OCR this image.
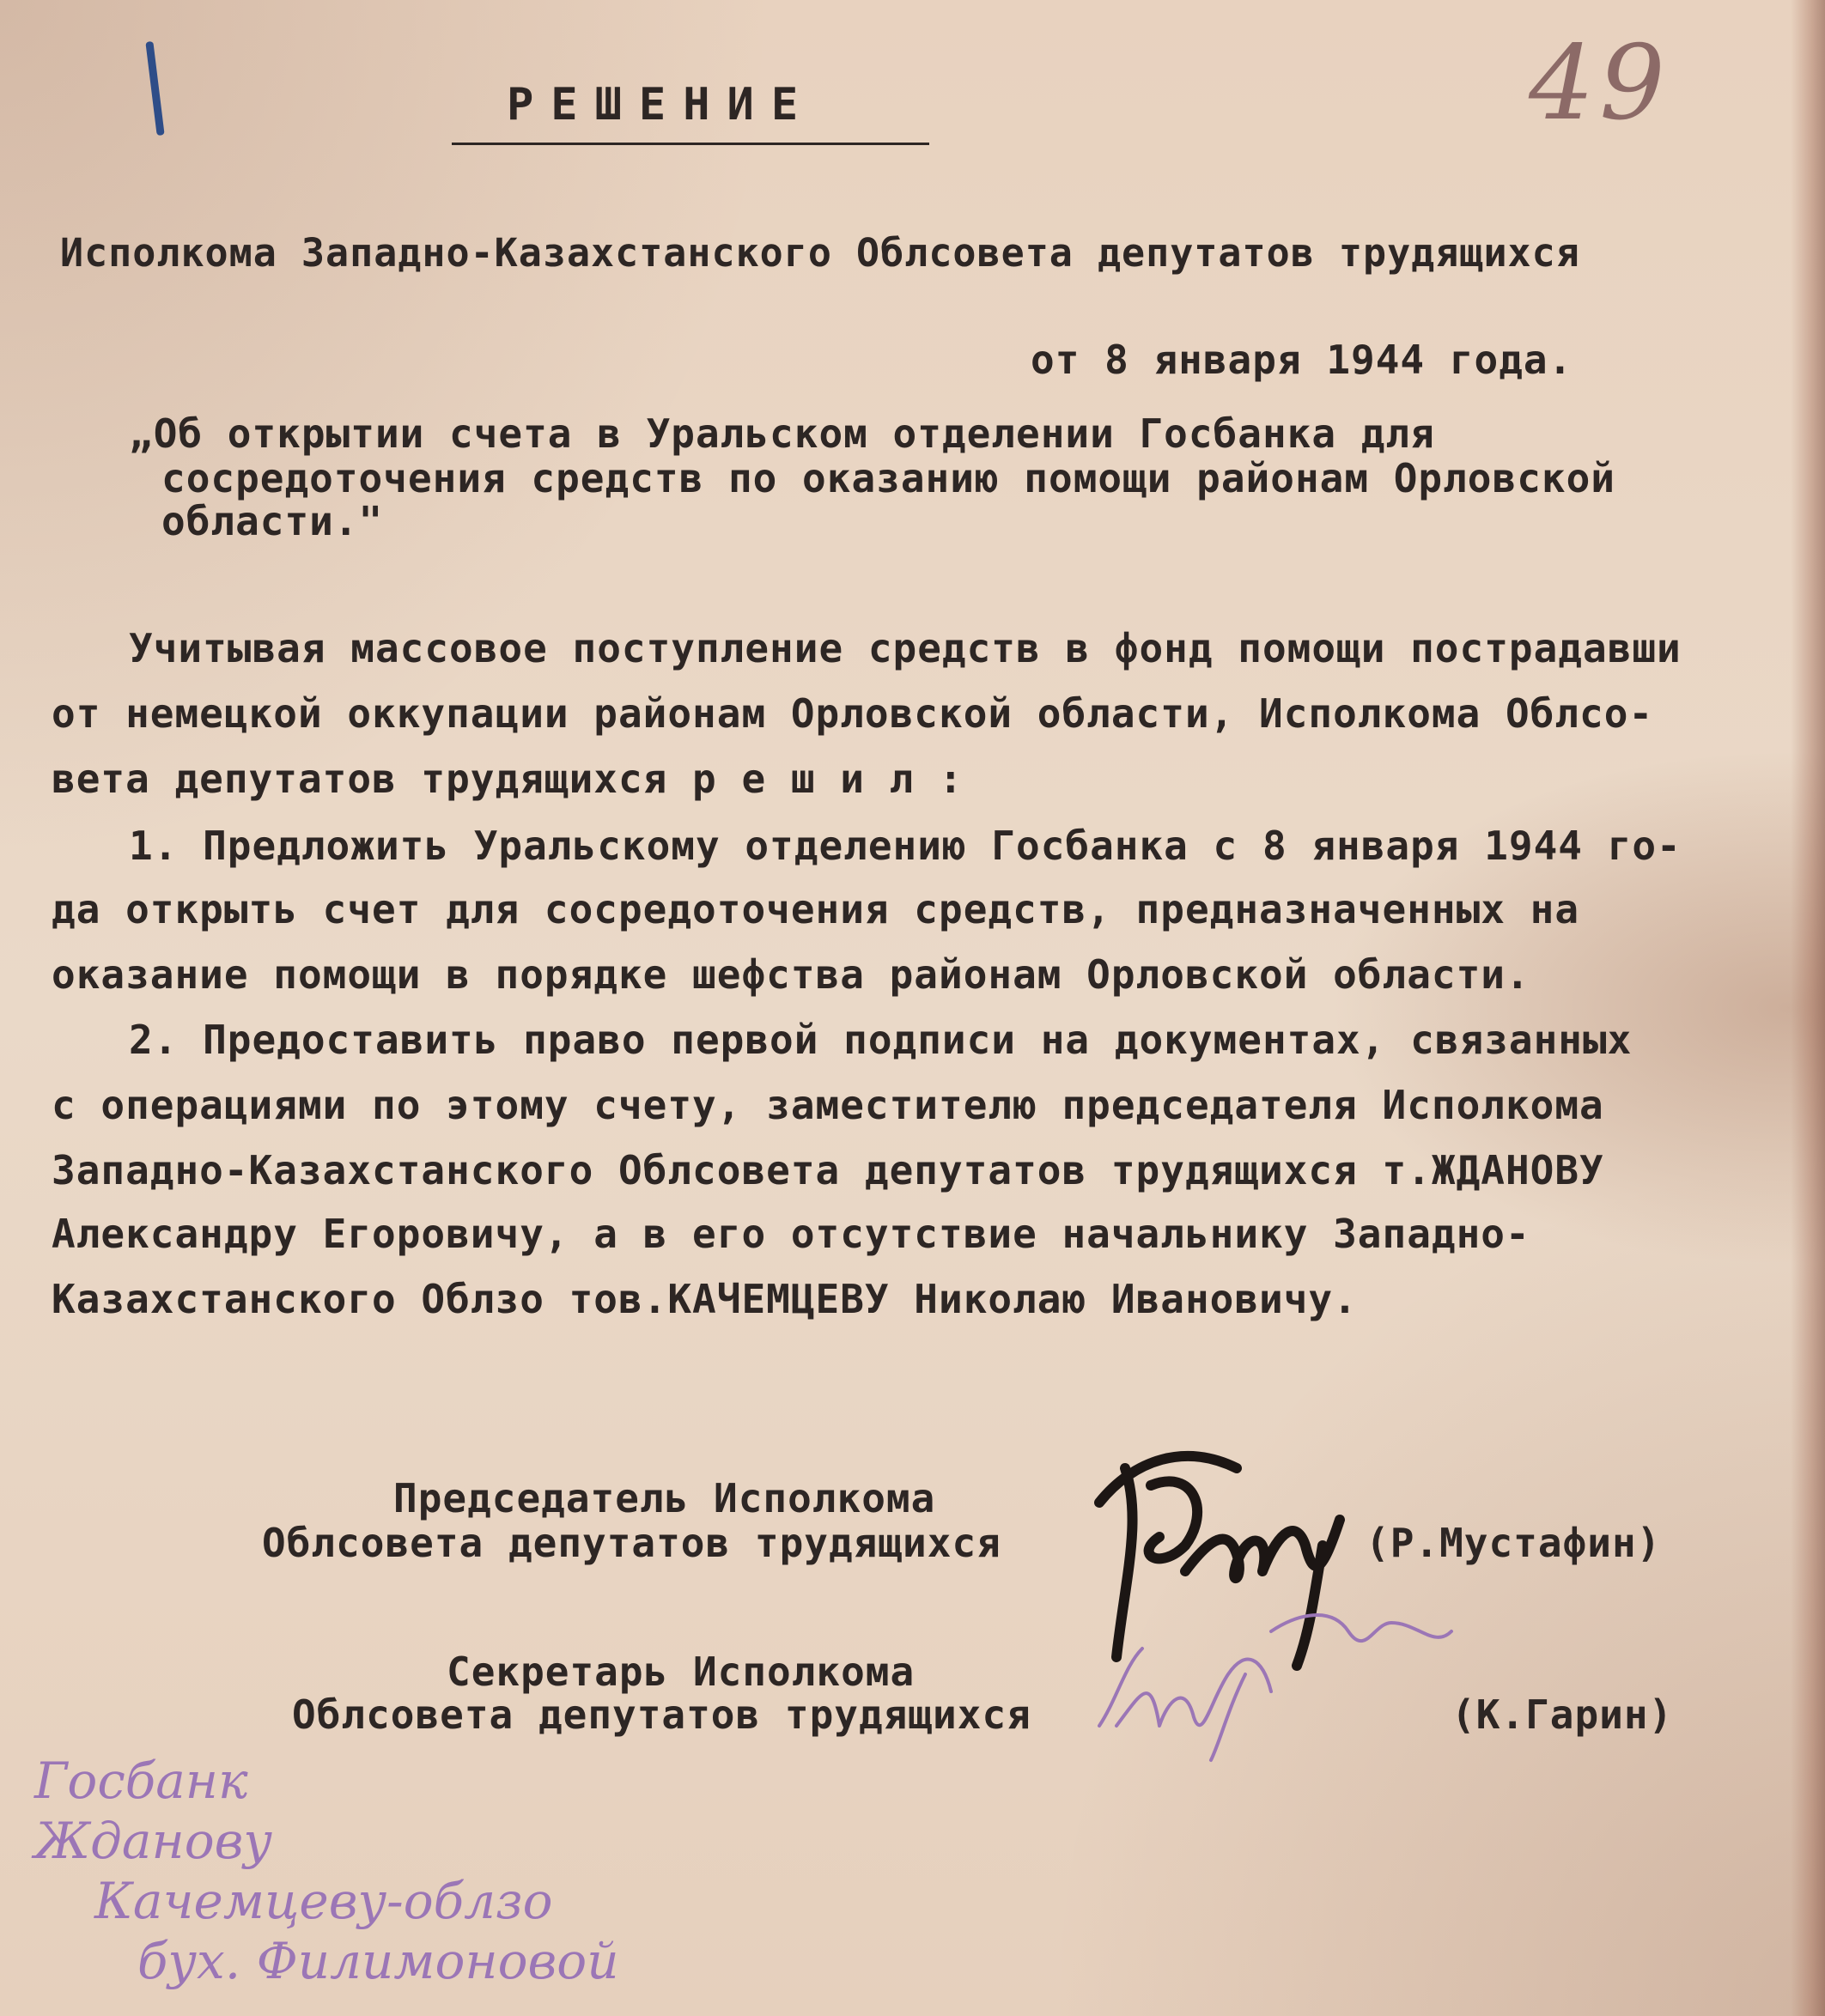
49
РЕШЕНИЕ
Исполкома Западно-Казахстанского Облсовета депутатов трудящихся
от 8 января 1944 года.
„Об открытии счета в Уральском отделении Госбанка для
сосредоточения средств по оказанию помощи районам Орловской
области."
Учитывая массовое поступление средств в фонд помощи пострадавши
от немецкой оккупации районам Орловской области, Исполкома Облсо-
вета депутатов трудящихся р е ш и л :
1. Предложить Уральскому отделению Госбанка с 8 января 1944 го-
да открыть счет для сосредоточения средств, предназначенных на
оказание помощи в порядке шефства районам Орловской области.
2. Предоставить право первой подписи на документах, связанных
с операциями по этому счету, заместителю председателя Исполкома
Западно-Казахстанского Облсовета депутатов трудящихся т.ЖДАНОВУ
Александру Егоровичу, а в его отсутствие начальнику Западно-
Казахстанского Облзо тов.КАЧЕМЦЕВУ Николаю Ивановичу.
Председатель Исполкома
Облсовета депутатов трудящихся	(Р.Мустафин)
Секретарь Исполкома
Облсовета депутатов трудящихся	(К.Гарин)
Госбанк
Жданову
Качемцеву-облзо
бух. Филимоновой
